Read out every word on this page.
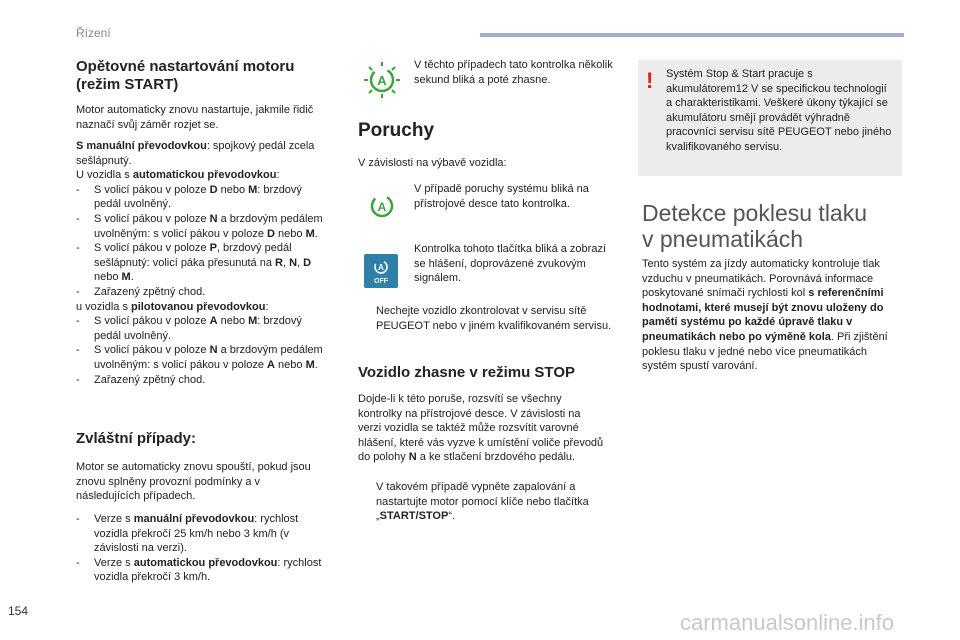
Řízení
Opětovné nastartování motoru
(režim START)

Motor automaticky znovu nastartuje, jakmile řidič naznačí svůj záměr rozjet se.

S manuální převodovkou: spojkový pedál zcela sešlápnutý.

U vozidla s automatickou převodovkou:

- S volicí pákou v poloze D nebo M: brzdový pedál uvolněný.

- S volicí pákou v poloze N a brzdovým pedálem uvolněným: s volicí pákou v poloze D nebo M.

- S volicí pákou v poloze P, brzdový pedál sešlápnutý: volicí páka přesunutá na R, N, D nebo M.

- Zařazený zpětný chod.

u vozidla s pilotovanou převodovkou:

- S volicí pákou v poloze A nebo M: brzdový pedál uvolněný.

- S volicí pákou v poloze N a brzdovým pedálem uvolněným: s volicí pákou v poloze A nebo M.

- Zařazený zpětný chod.

Zvláštní případy:

Motor se automaticky znovu spouští, pokud jsou znovu splněny provozní podmínky a v následujících případech.

- Verze s manuální převodovkou: rychlost vozidla překročí 25 km/h nebo 3 km/h (v závislosti na verzi).

- Verze s automatickou převodovkou: rychlost vozidla překročí 3 km/h.

A

V těchto případech tato kontrolka několik sekund bliká a poté zhasne.

Poruchy

V závislosti na výbavě vozidla:

A

V případě poruchy systému bliká na přístrojové desce tato kontrolka.

A
OFF

Kontrolka tohoto tlačítka bliká a zobrazí se hlášení, doprovázené zvukovým signálem.

Nechejte vozidlo zkontrolovat v servisu sítě PEUGEOT nebo v jiném kvalifikovaném servisu.

Vozidlo zhasne v režimu STOP

Dojde-li k této poruše, rozsvítí se všechny kontrolky na přístrojové desce. V závislosti na verzi vozidla se taktéž může rozsvítit varovné hlášení, které vás vyzve k umístění voliče převodů do polohy N a ke stlačení brzdového pedálu.

V takovém případě vypněte zapalování a nastartujte motor pomocí klíče nebo tlačítka „START/STOP“.

! Systém Stop & Start pracuje s akumulátorem12 V se specifickou technologií a charakteristikami. Veškeré úkony týkající se akumulátoru smějí provádět výhradně pracovníci servisu sítě PEUGEOT nebo jiného kvalifikovaného servisu.

Detekce poklesu tlaku
v pneumatikách

Tento systém za jízdy automaticky kontroluje tlak vzduchu v pneumatikách. Porovnává informace poskytované snímači rychlosti kol s referenčními hodnotami, které musejí být znovu uloženy do paměti systému po každé úpravě tlaku v pneumatikách nebo po výměně kola. Při zjištění poklesu tlaku v jedné nebo více pneumatikách systém spustí varování.

154	carmanualsonline.info
